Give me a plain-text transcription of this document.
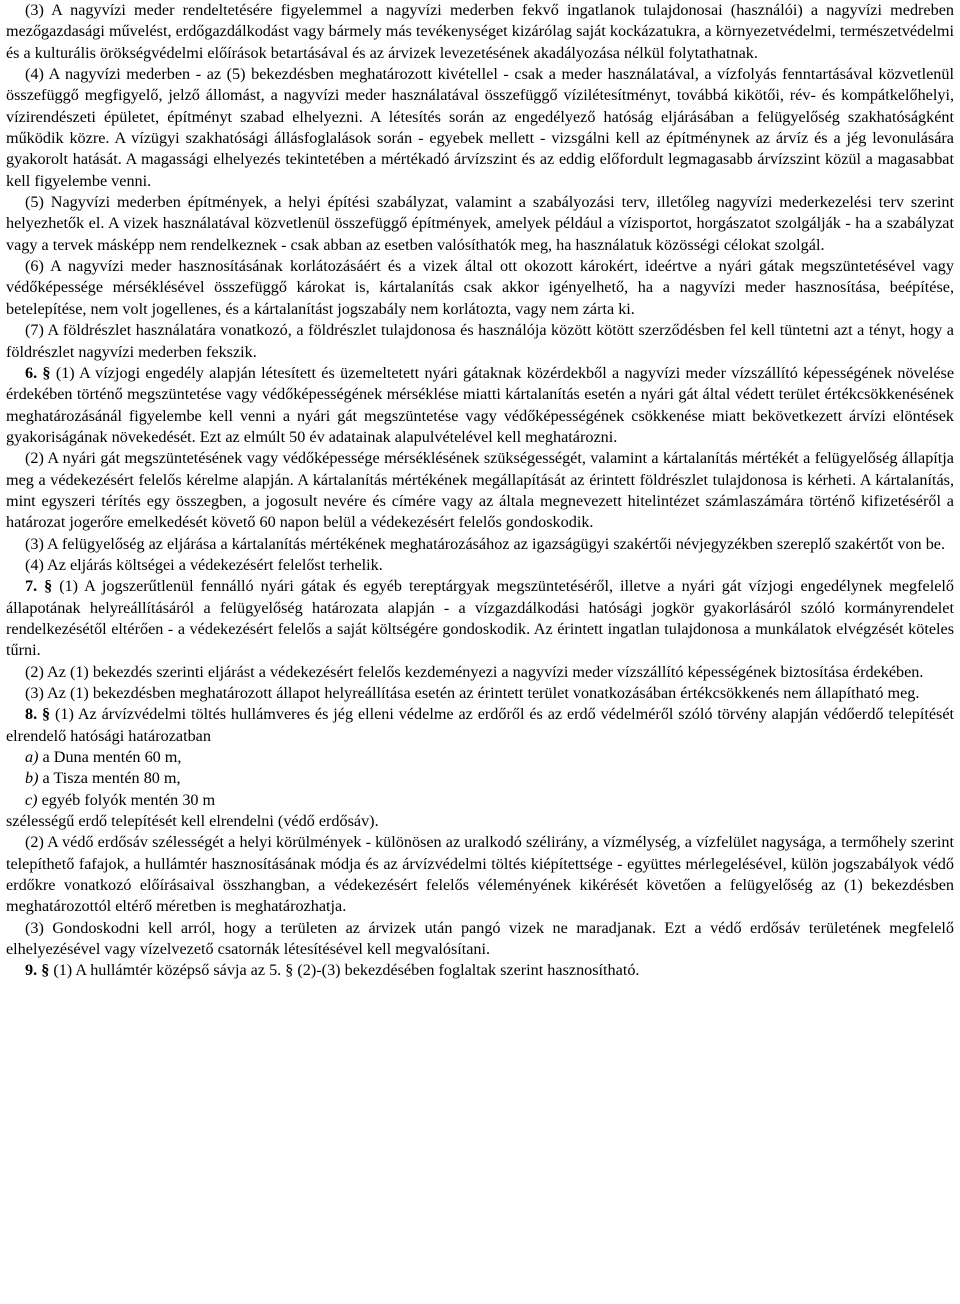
(3) A nagyvízi meder rendeltetésére figyelemmel a nagyvízi mederben fekvő ingatlanok tulajdonosai (használói) a nagyvízi medreben mezőgazdasági művelést, erdőgazdálkodást vagy bármely más tevékenységet kizárólag saját kockázatukra, a környezetvédelmi, természetvédelmi és a kulturális örökségvédelmi előírások betartásával és az árvizek levezetésének akadályozása nélkül folytathatnak.

(4) A nagyvízi mederben - az (5) bekezdésben meghatározott kivétellel - csak a meder használatával, a vízfolyás fenntartásával közvetlenül összefüggő megfigyelő, jelző állomást, a nagyvízi meder használatával összefüggő vízilétesítményt, továbbá kikötői, rév- és kompátkelőhelyi, vízirendészeti épületet, építményt szabad elhelyezni. A létesítés során az engedélyező hatóság eljárásában a felügyelőség szakhatóságként működik közre. A vízügyi szakhatósági állásfoglalások során - egyebek mellett - vizsgálni kell az építménynek az árvíz és a jég levonulására gyakorolt hatását. A magassági elhelyezés tekintetében a mértékadó árvízszint és az eddig előfordult legmagasabb árvízszint közül a magasabbat kell figyelembe venni.

(5) Nagyvízi mederben építmények, a helyi építési szabályzat, valamint a szabályozási terv, illetőleg nagyvízi mederkezelési terv szerint helyezhetők el. A vizek használatával közvetlenül összefüggő építmények, amelyek például a vízisportot, horgászatot szolgálják - ha a szabályzat vagy a tervek másképp nem rendelkeznek - csak abban az esetben valósíthatók meg, ha használatuk közösségi célokat szolgál.

(6) A nagyvízi meder hasznosításának korlátozásáért és a vizek által ott okozott károkért, ideértve a nyári gátak megszüntetésével vagy védőképessége mérséklésével összefüggő károkat is, kártalanítás csak akkor igényelhető, ha a nagyvízi meder hasznosítása, beépítése, betelepítése, nem volt jogellenes, és a kártalanítást jogszabály nem korlátozta, vagy nem zárta ki.

(7) A földrészlet használatára vonatkozó, a földrészlet tulajdonosa és használója között kötött szerződésben fel kell tüntetni azt a tényt, hogy a földrészlet nagyvízi mederben fekszik.

6. § (1) A vízjogi engedély alapján létesített és üzemeltetett nyári gátaknak közérdekből a nagyvízi meder vízszállító képességének növelése érdekében történő megszüntetése vagy védőképességének mérséklése miatti kártalanítás esetén a nyári gát által védett terület értékcsökkenésének meghatározásánál figyelembe kell venni a nyári gát megszüntetése vagy védőképességének csökkenése miatt bekövetkezett árvízi elöntések gyakoriságának növekedését. Ezt az elmúlt 50 év adatainak alapulvételével kell meghatározni.

(2) A nyári gát megszüntetésének vagy védőképessége mérséklésének szükségességét, valamint a kártalanítás mértékét a felügyelőség állapítja meg a védekezésért felelős kérelme alapján. A kártalanítás mértékének megállapítását az érintett földrészlet tulajdonosa is kérheti. A kártalanítás, mint egyszeri térítés egy összegben, a jogosult nevére és címére vagy az általa megnevezett hitelintézet számlaszámára történő kifizetéséről a határozat jogerőre emelkedését követő 60 napon belül a védekezésért felelős gondoskodik.

(3) A felügyelőség az eljárása a kártalanítás mértékének meghatározásához az igazságügyi szakértői névjegyzékben szereplő szakértőt von be.

(4) Az eljárás költségei a védekezésért felelőst terhelik.

7. § (1) A jogszerűtlenül fennálló nyári gátak és egyéb tereptárgyak megszüntetéséről, illetve a nyári gát vízjogi engedélynek megfelelő állapotának helyreállításáról a felügyelőség határozata alapján - a vízgazdálkodási hatósági jogkör gyakorlásáról szóló kormányrendelet rendelkezésétől eltérően - a védekezésért felelős a saját költségére gondoskodik. Az érintett ingatlan tulajdonosa a munkálatok elvégzését köteles tűrni.

(2) Az (1) bekezdés szerinti eljárást a védekezésért felelős kezdeményezi a nagyvízi meder vízszállító képességének biztosítása érdekében.

(3) Az (1) bekezdésben meghatározott állapot helyreállítása esetén az érintett terület vonatkozásában értékcsökkenés nem állapítható meg.

8. § (1) Az árvízvédelmi töltés hullámveres és jég elleni védelme az erdőről és az erdő védelméről szóló törvény alapján védőerdő telepítését elrendelő hatósági határozatban

a) a Duna mentén 60 m,

b) a Tisza mentén 80 m,

c) egyéb folyók mentén 30 m

szélességű erdő telepítését kell elrendelni (védő erdősáv).

(2) A védő erdősáv szélességét a helyi körülmények - különösen az uralkodó szélirány, a vízmélység, a vízfelület nagysága, a termőhely szerint telepíthető fafajok, a hullámtér hasznosításának módja és az árvízvédelmi töltés kiépítettsége - együttes mérlegelésével, külön jogszabályok védő erdőkre vonatkozó előírásaival összhangban, a védekezésért felelős véleményének kikérését követően a felügyelőség az (1) bekezdésben meghatározottól eltérő méretben is meghatározhatja.

(3) Gondoskodni kell arról, hogy a területen az árvizek után pangó vizek ne maradjanak. Ezt a védő erdősáv területének megfelelő elhelyezésével vagy vízelvezető csatornák létesítésével kell megvalósítani.

9. § (1) A hullámtér középső sávja az 5. § (2)-(3) bekezdésében foglaltak szerint hasznosítható.
